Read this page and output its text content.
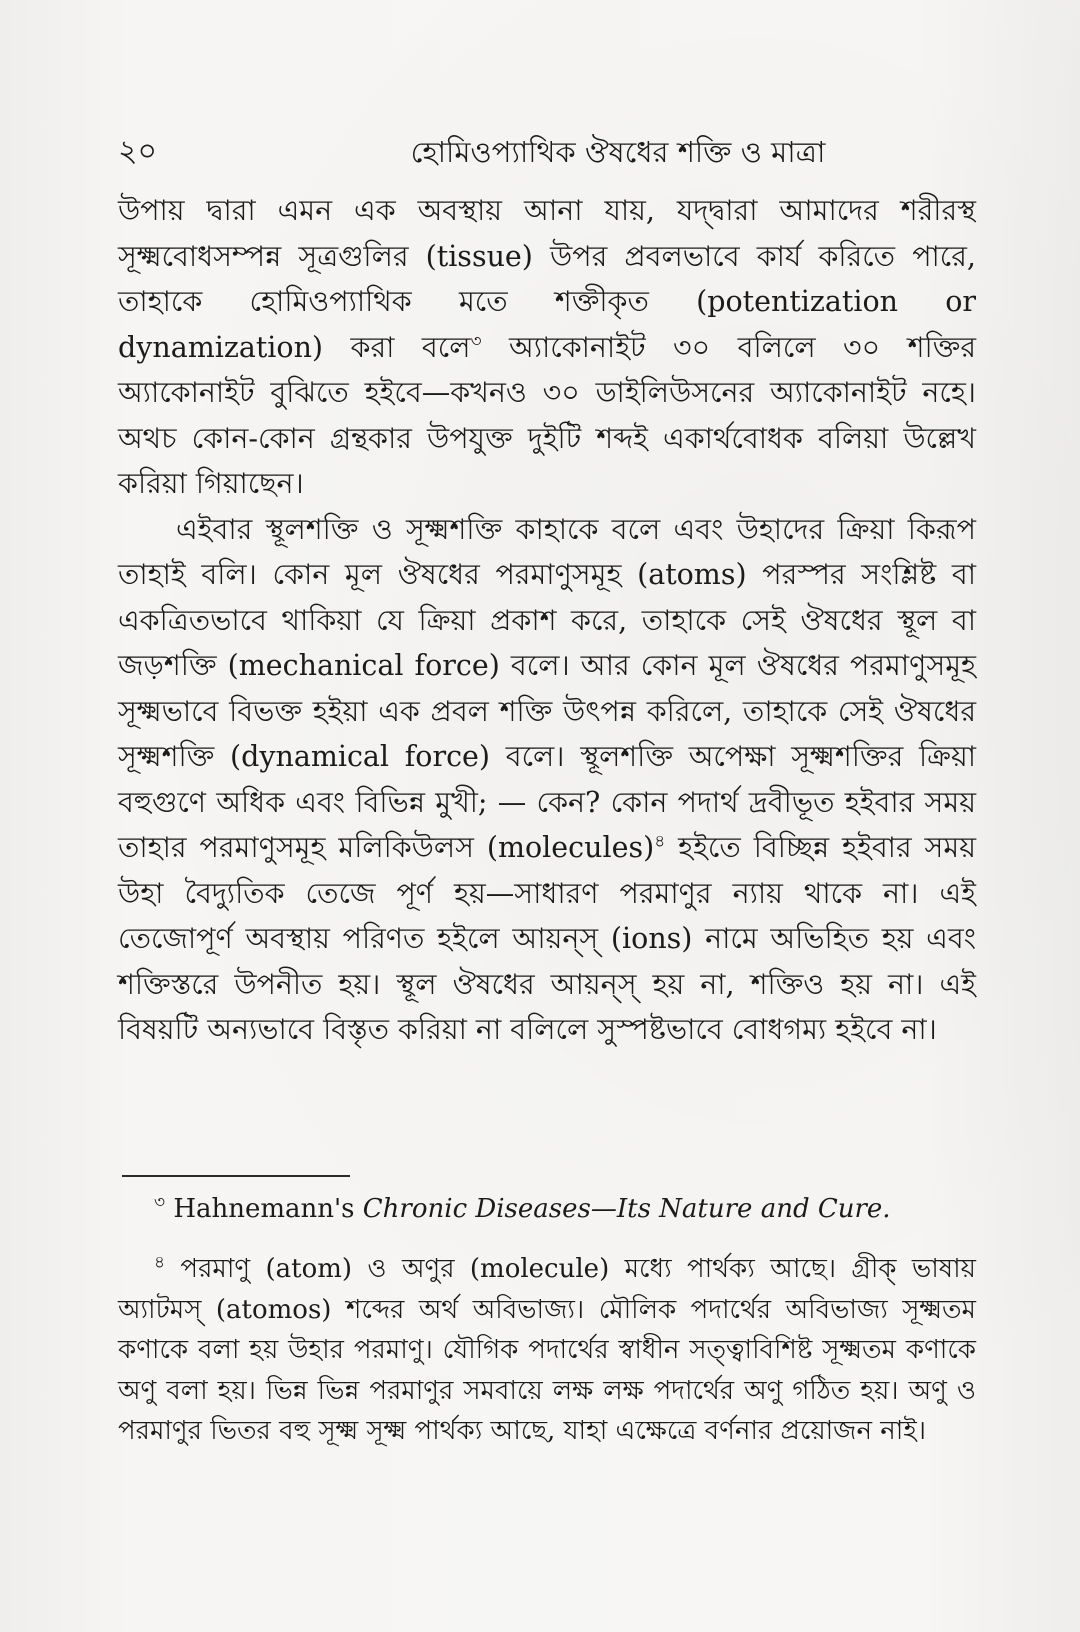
২০	হোমিওপ্যাথিক ঔষধের শক্তি ও মাত্রা

উপায় দ্বারা এমন এক অবস্থায় আনা যায়, যদ্দ্বারা আমাদের শরীরস্থ সূক্ষ্মবোধসম্পন্ন সূত্রগুলির (tissue) উপর প্রবলভাবে কার্য করিতে পারে, তাহাকে হোমিওপ্যাথিক মতে শক্তীকৃত (potentization or dynamization) করা বলে$^৩$ অ্যাকোনাইট ৩০ বলিলে ৩০ শক্তির অ্যাকোনাইট বুঝিতে হইবে—কখনও ৩০ ডাইলিউসনের অ্যাকোনাইট নহে। অথচ কোন-কোন গ্রন্থকার উপযুক্ত দুইটি শব্দই একার্থবোধক বলিয়া উল্লেখ করিয়া গিয়াছেন।

এইবার স্থূলশক্তি ও সূক্ষ্মশক্তি কাহাকে বলে এবং উহাদের ক্রিয়া কিরূপ তাহাই বলি। কোন মূল ঔষধের পরমাণুসমূহ (atoms) পরস্পর সংশ্লিষ্ট বা একত্রিতভাবে থাকিয়া যে ক্রিয়া প্রকাশ করে, তাহাকে সেই ঔষধের স্থূল বা জড়শক্তি (mechanical force) বলে। আর কোন মূল ঔষধের পরমাণুসমূহ সূক্ষ্মভাবে বিভক্ত হইয়া এক প্রবল শক্তি উৎপন্ন করিলে, তাহাকে সেই ঔষধের সূক্ষ্মশক্তি (dynamical force) বলে। স্থূলশক্তি অপেক্ষা সূক্ষ্মশক্তির ক্রিয়া বহুগুণে অধিক এবং বিভিন্ন মুখী; — কেন? কোন পদার্থ দ্রবীভূত হইবার সময় তাহার পরমাণুসমূহ মলিকিউলস (molecules)$^৪$ হইতে বিচ্ছিন্ন হইবার সময় উহা বৈদ্যুতিক তেজে পূর্ণ হয়—সাধারণ পরমাণুর ন্যায় থাকে না। এই তেজোপূর্ণ অবস্থায় পরিণত হইলে আয়ন্‌স্ (ions) নামে অভিহিত হয় এবং শক্তিস্তরে উপনীত হয়। স্থূল ঔষধের আয়ন্‌স্ হয় না, শক্তিও হয় না। এই বিষয়টি অন্যভাবে বিস্তৃত করিয়া না বলিলে সুস্পষ্টভাবে বোধগম্য হইবে না।

$^৩$ Hahnemann's Chronic Diseases—Its Nature and Cure.

$^৪$ পরমাণু (atom) ও অণুর (molecule) মধ্যে পার্থক্য আছে। গ্রীক্ ভাষায় অ্যাটমস্ (atomos) শব্দের অর্থ অবিভাজ্য। মৌলিক পদার্থের অবিভাজ্য সূক্ষ্মতম কণাকে বলা হয় উহার পরমাণু। যৌগিক পদার্থের স্বাধীন সত্ত্বাবিশিষ্ট সূক্ষ্মতম কণাকে অণু বলা হয়। ভিন্ন ভিন্ন পরমাণুর সমবায়ে লক্ষ লক্ষ পদার্থের অণু গঠিত হয়। অণু ও পরমাণুর ভিতর বহু সূক্ষ্ম সূক্ষ্ম পার্থক্য আছে, যাহা এক্ষেত্রে বর্ণনার প্রয়োজন নাই।
